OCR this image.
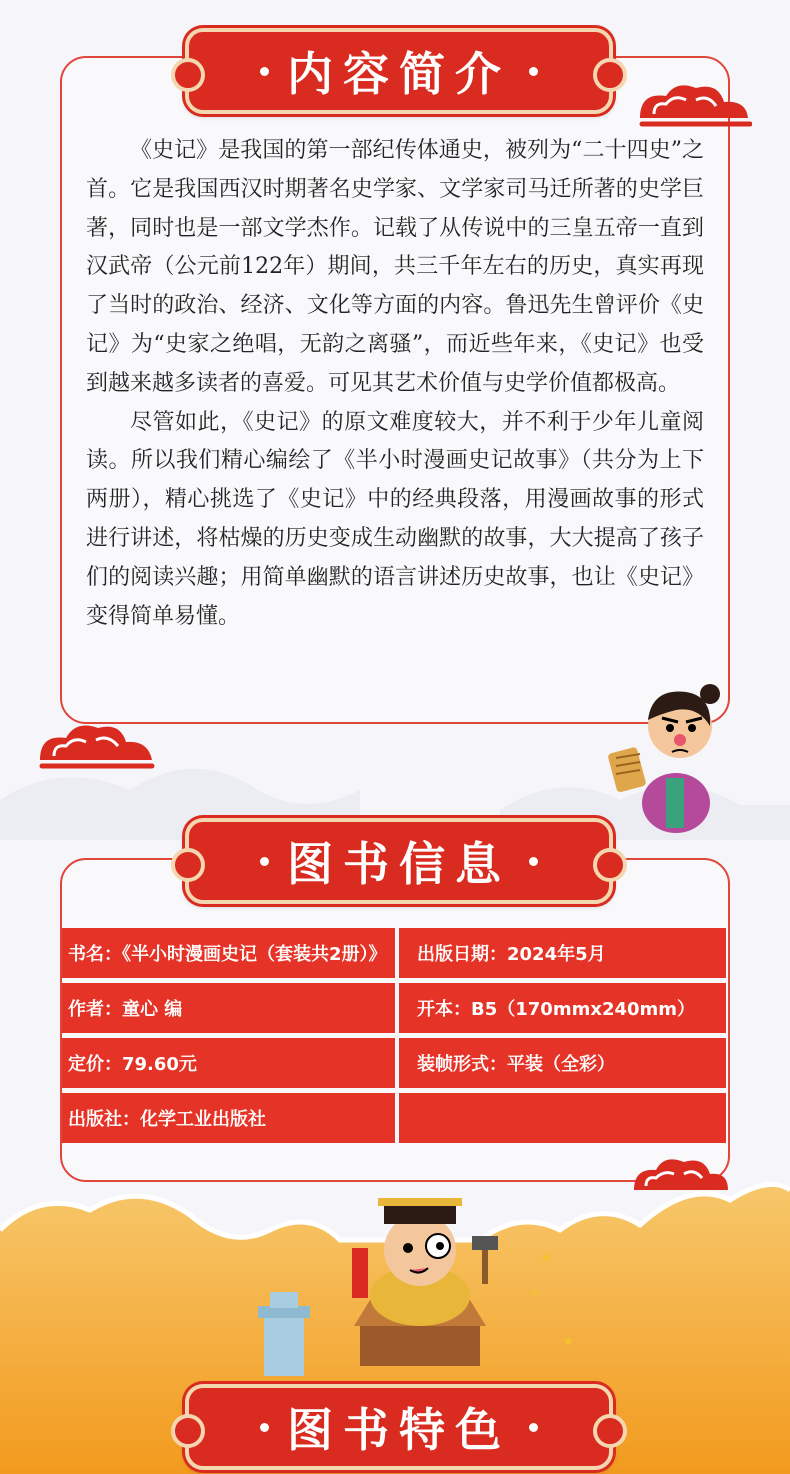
内容简介

《史记》是我国的第一部纪传体通史，被列为“二十四史”之首。它是我国西汉时期著名史学家、文学家司马迁所著的史学巨著，同时也是一部文学杰作。记载了从传说中的三皇五帝一直到汉武帝（公元前122年）期间，共三千年左右的历史，真实再现了当时的政治、经济、文化等方面的内容。鲁迅先生曾评价《史记》为“史家之绝唱，无韵之离骚”，而近些年来，《史记》也受到越来越多读者的喜爱。可见其艺术价值与史学价值都极高。

尽管如此，《史记》的原文难度较大，并不利于少年儿童阅读。所以我们精心编绘了《半小时漫画史记故事》（共分为上下两册），精心挑选了《史记》中的经典段落，用漫画故事的形式进行讲述，将枯燥的历史变成生动幽默的故事，大大提高了孩子们的阅读兴趣；用简单幽默的语言讲述历史故事，也让《史记》变得简单易懂。

图书信息
书名：《半小时漫画史记（套装共2册）》	出版日期：2024年5月
作者：童心 编	开本：B5（170mmx240mm）
定价：79.60元	装帧形式：平装（全彩）
出版社：化学工业出版社
★
★
★
图书特色
